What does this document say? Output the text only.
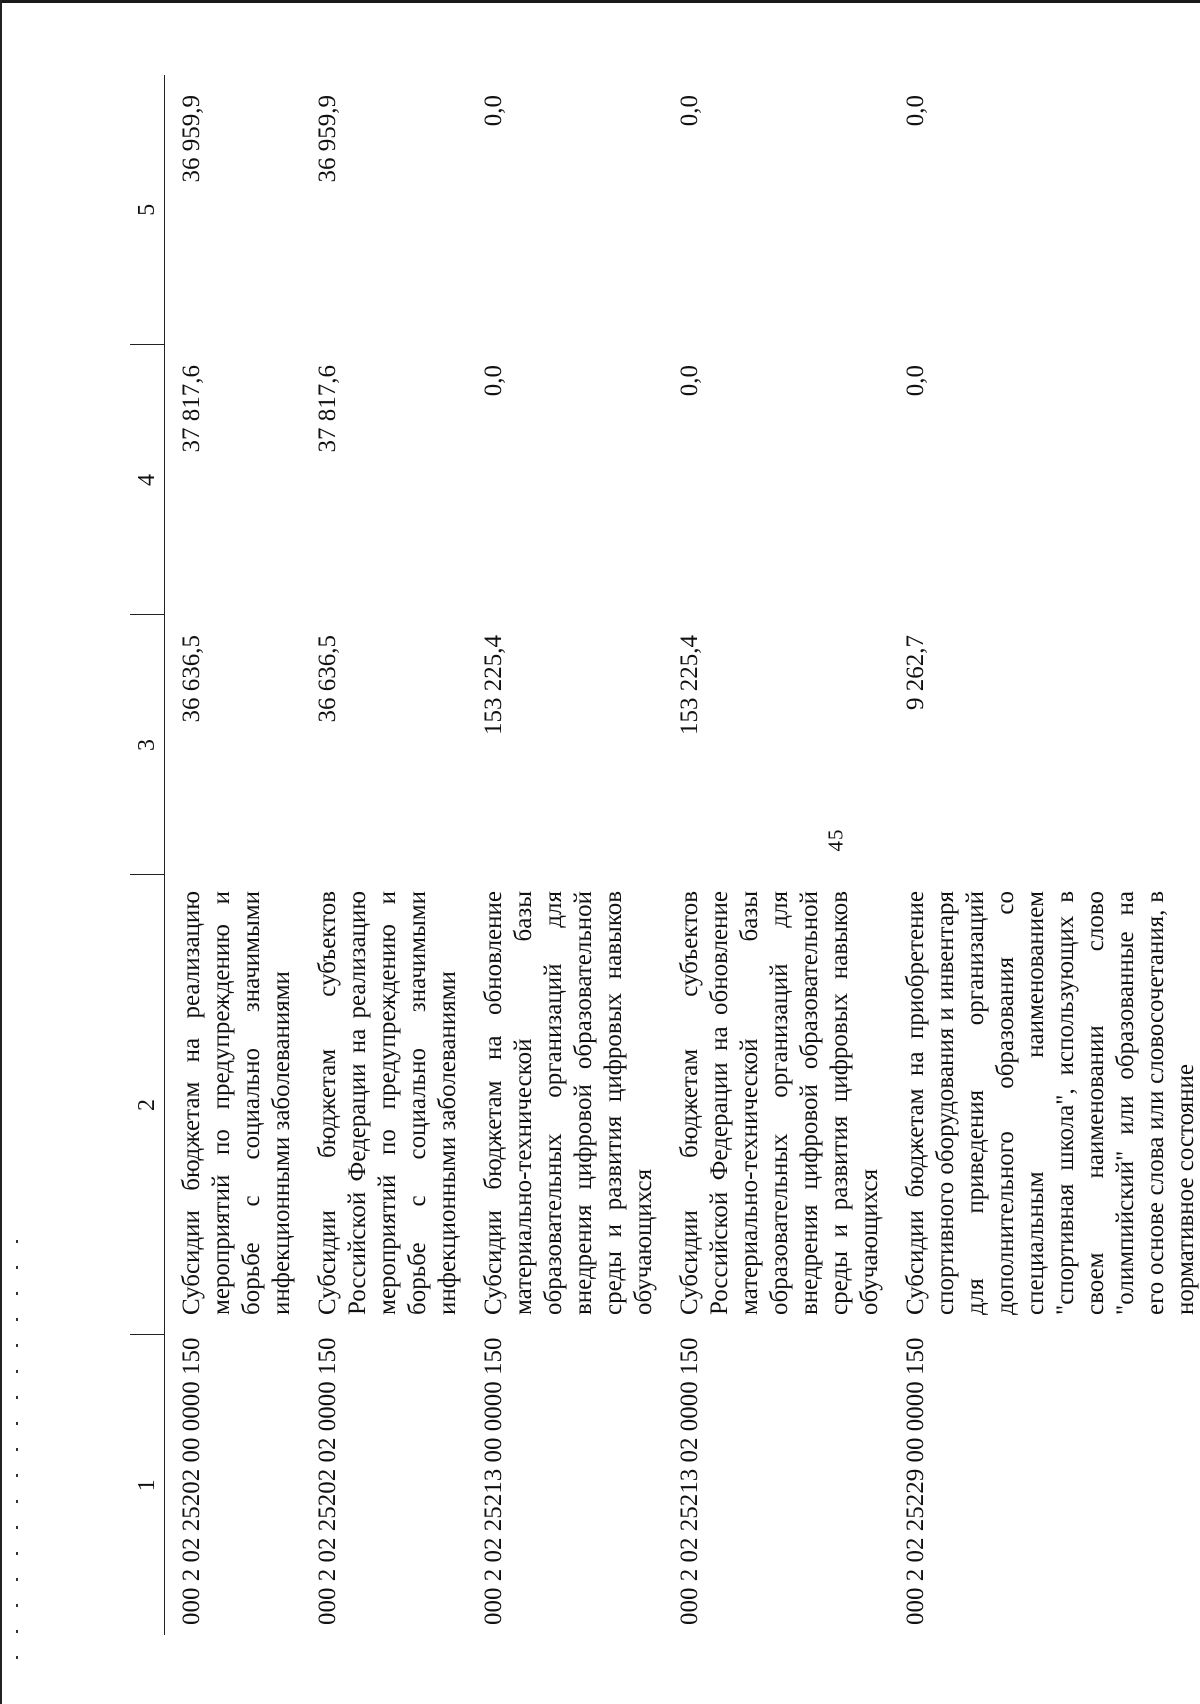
45
1	2	3	4	5
000 2 02 25202 00 0000 150	Субсидии бюджетам на реализацию мероприятий по предупреждению и борьбе с социально значимыми инфекционными заболеваниями	36 636,5	37 817,6	36 959,9
000 2 02 25202 02 0000 150	Субсидии бюджетам субъектов Российской Федерации на реализацию мероприятий по предупреждению и борьбе с социально значимыми инфекционными заболеваниями	36 636,5	37 817,6	36 959,9
000 2 02 25213 00 0000 150	Субсидии бюджетам на обновление материально-технической базы образовательных организаций для внедрения цифровой образовательной среды и развития цифровых навыков обучающихся	153 225,4	0,0	0,0
000 2 02 25213 02 0000 150	Субсидии бюджетам субъектов Российской Федерации на обновление материально-технической базы образовательных организаций для внедрения цифровой образовательной среды и развития цифровых навыков обучающихся	153 225,4	0,0	0,0
000 2 02 25229 00 0000 150	Субсидии бюджетам на приобретение спортивного оборудования и инвентаря для приведения организаций дополнительного образования со специальным наименованием "спортивная школа", использующих в своем наименовании слово "олимпийский" или образованные на его основе слова или словосочетания, в нормативное состояние	9 262,7	0,0	0,0
